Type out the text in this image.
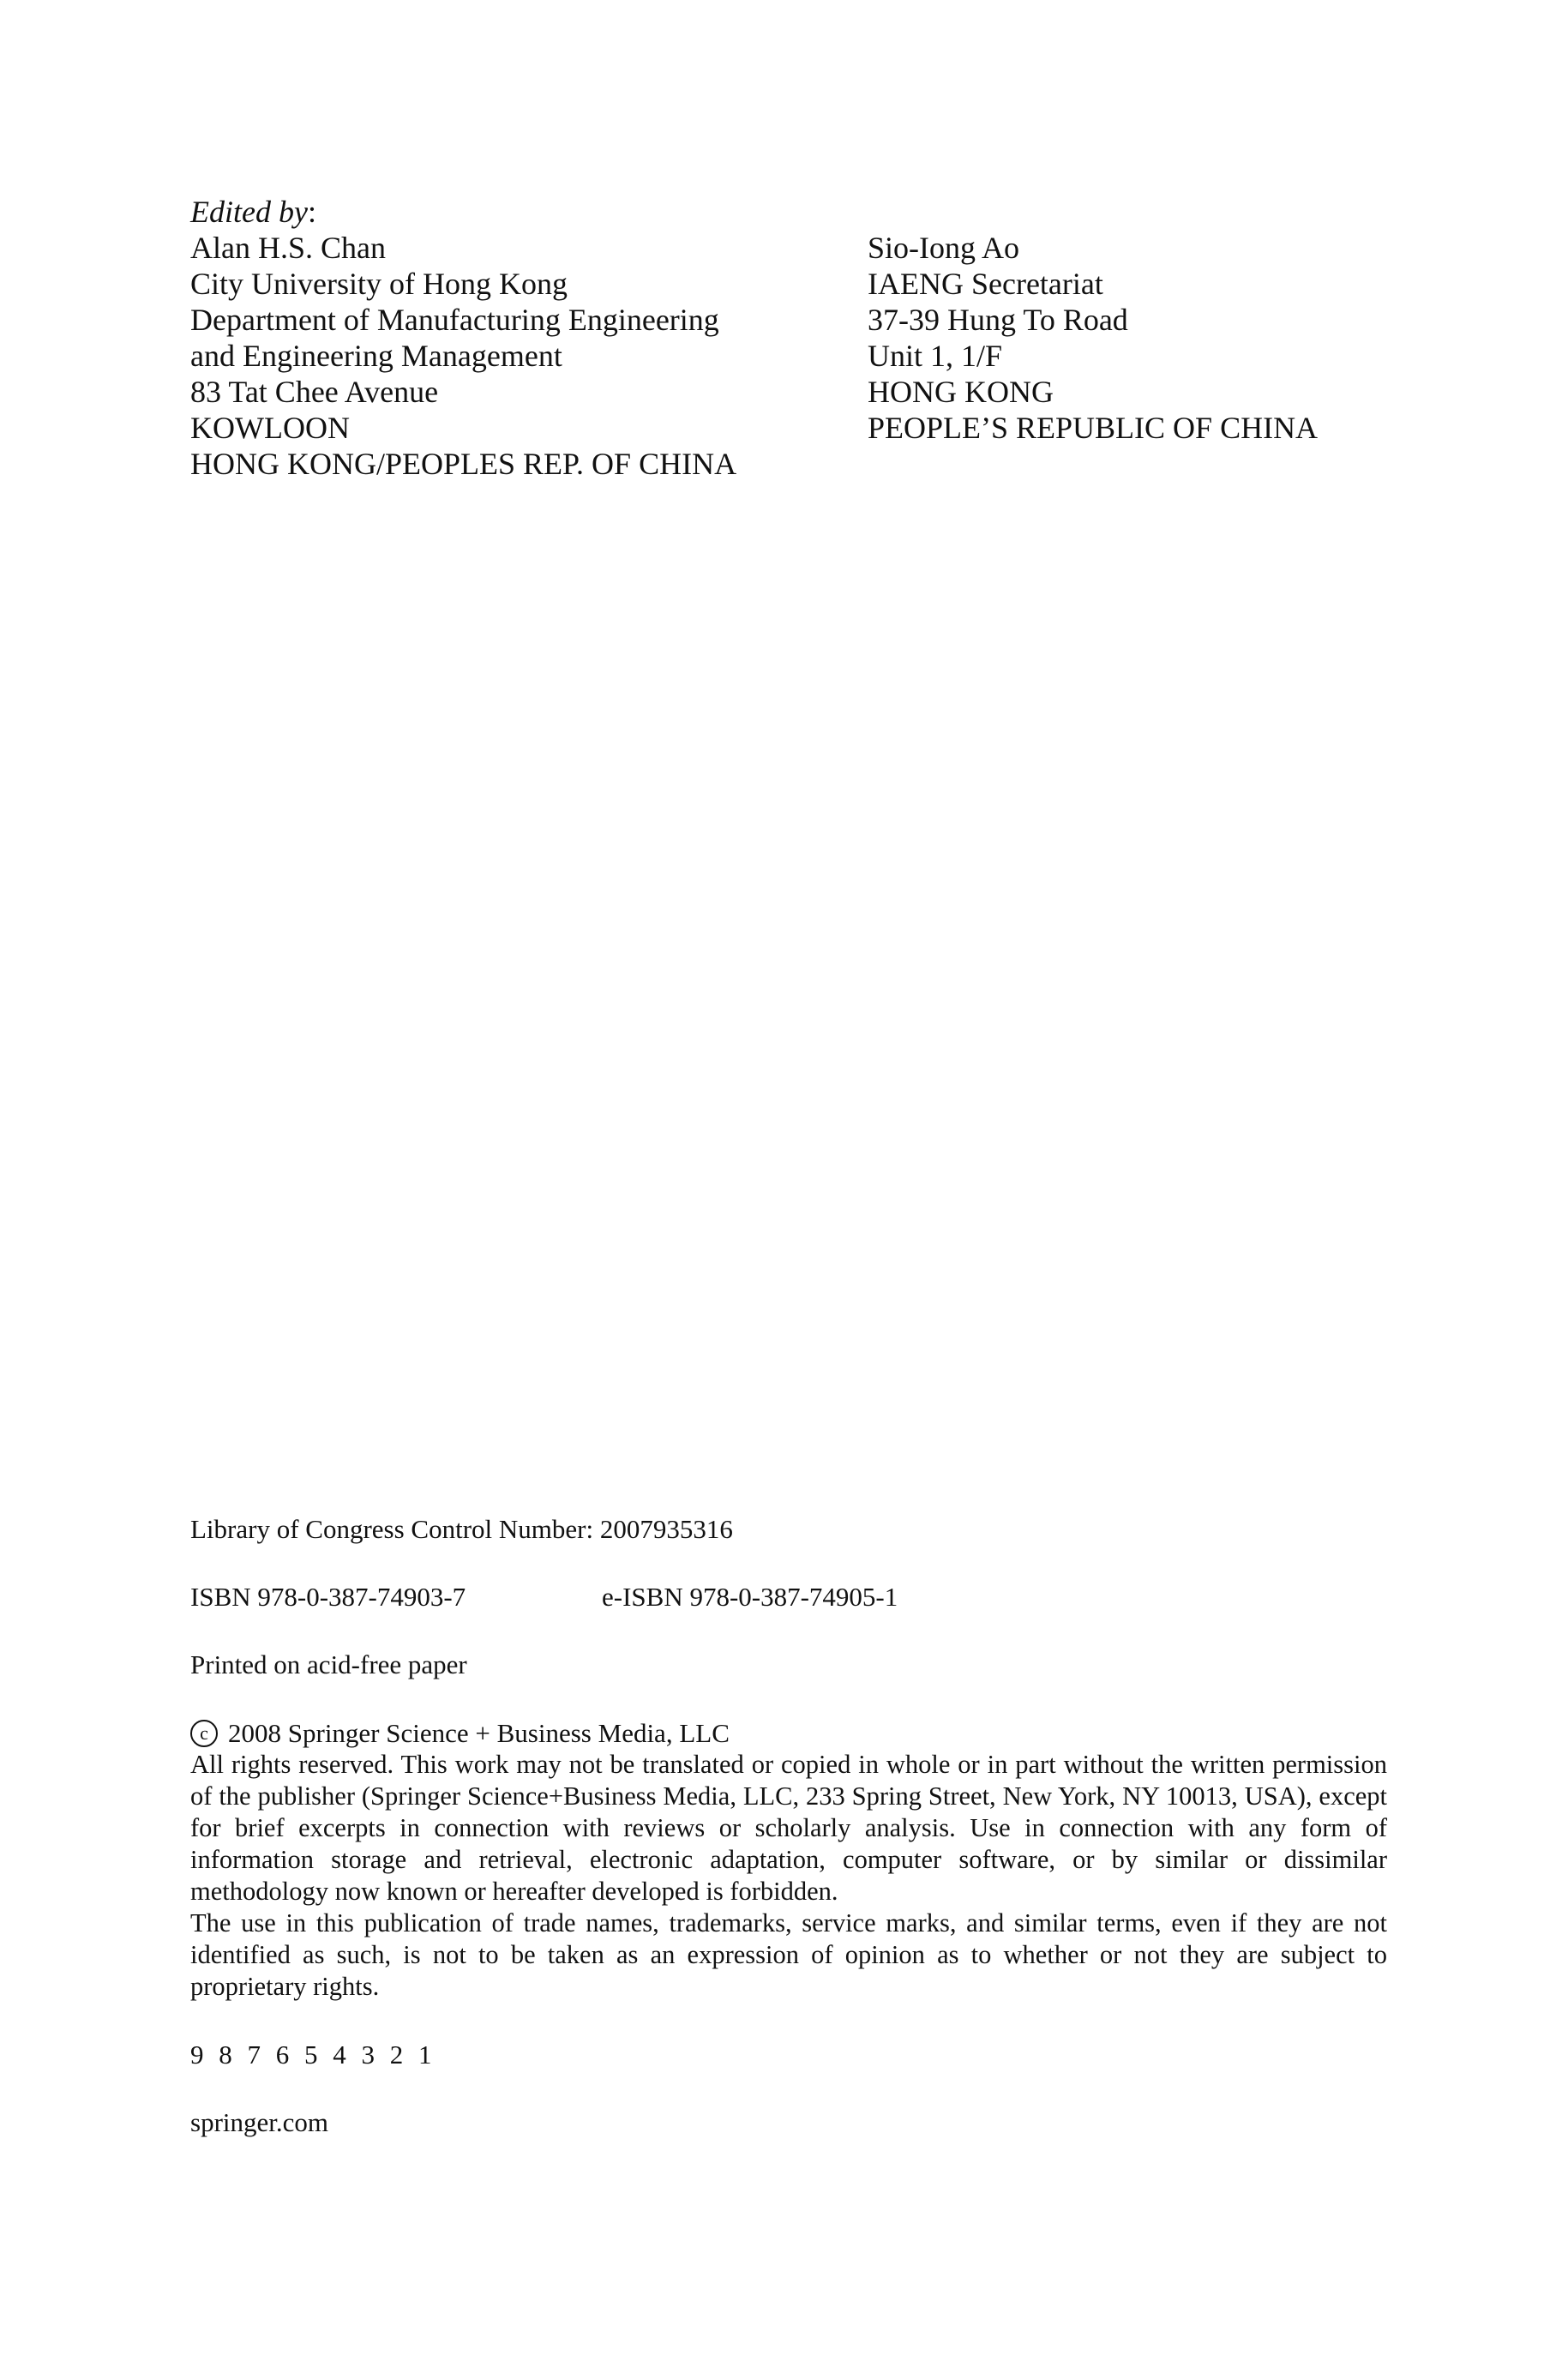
Edited by:
Alan H.S. Chan
City University of Hong Kong
Department of Manufacturing Engineering
and Engineering Management
83 Tat Chee Avenue
KOWLOON
HONG KONG/PEOPLES REP. OF CHINA
Sio-Iong Ao
IAENG Secretariat
37-39 Hung To Road
Unit 1, 1/F
HONG KONG
PEOPLE’S REPUBLIC OF CHINA
Library of Congress Control Number: 2007935316
ISBN 978-0-387-74903-7	e-ISBN 978-0-387-74905-1
Printed on acid-free paper
c 2008 Springer Science + Business Media, LLC
All rights reserved. This work may not be translated or copied in whole or in part without the written permission of the publisher (Springer Science+Business Media, LLC, 233 Spring Street, New York, NY 10013, USA), except for brief excerpts in connection with reviews or scholarly analysis. Use in connection with any form of information storage and retrieval, electronic adaptation, computer software, or by similar or dissimilar methodology now known or hereafter developed is forbidden.
The use in this publication of trade names, trademarks, service marks, and similar terms, even if they are not identified as such, is not to be taken as an expression of opinion as to whether or not they are subject to proprietary rights.
9 8 7 6 5 4 3 2 1
springer.com
